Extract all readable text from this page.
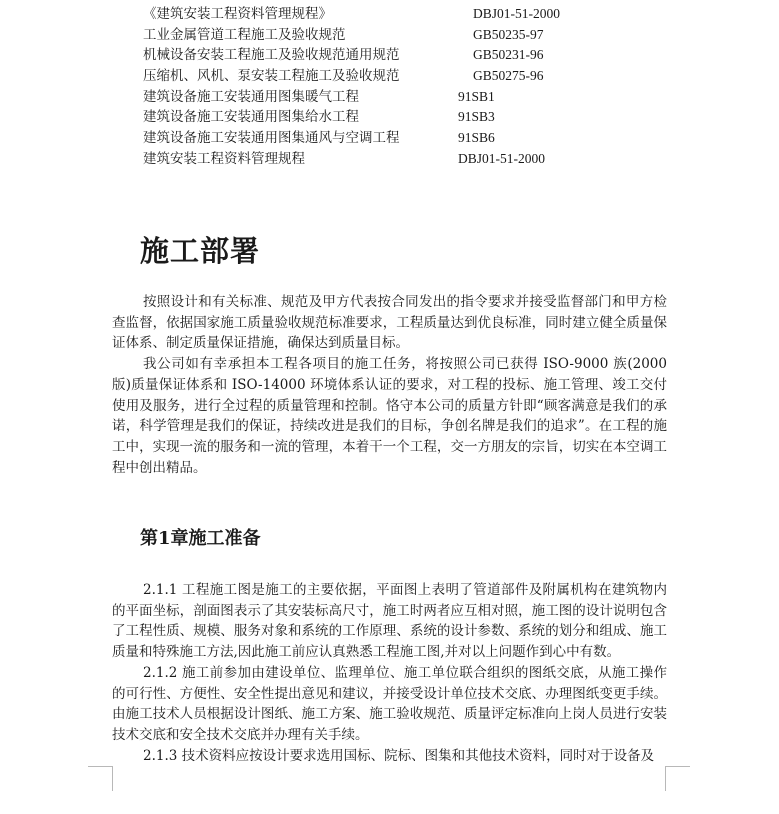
《建筑安装工程资料管理规程》	DBJ01-51-2000
工业金属管道工程施工及验收规范	GB50235-97
机械设备安装工程施工及验收规范通用规范	GB50231-96
压缩机、风机、泵安装工程施工及验收规范	GB50275-96
建筑设备施工安装通用图集暖气工程	91SB1
建筑设备施工安装通用图集给水工程	91SB3
建筑设备施工安装通用图集通风与空调工程	91SB6
建筑安装工程资料管理规程	DBJ01-51-2000
施工部署

按照设计和有关标准、规范及甲方代表按合同发出的指令要求并接受监督部门和甲方检查监督，依据国家施工质量验收规范标准要求，工程质量达到优良标准，同时建立健全质量保证体系、制定质量保证措施，确保达到质量目标。

我公司如有幸承担本工程各项目的施工任务，将按照公司已获得 ISO-9000 族(2000 版)质量保证体系和 ISO-14000 环境体系认证的要求，对工程的投标、施工管理、竣工交付使用及服务，进行全过程的质量管理和控制。恪守本公司的质量方针即“顾客满意是我们的承诺，科学管理是我们的保证，持续改进是我们的目标，争创名牌是我们的追求”。在工程的施工中，实现一流的服务和一流的管理，本着干一个工程，交一方朋友的宗旨，切实在本空调工程中创出精品。

第1章施工准备

2.1.1 工程施工图是施工的主要依据，平面图上表明了管道部件及附属机构在建筑物内的平面坐标，剖面图表示了其安装标高尺寸，施工时两者应互相对照，施工图的设计说明包含了工程性质、规模、服务对象和系统的工作原理、系统的设计参数、系统的划分和组成、施工质量和特殊施工方法,因此施工前应认真熟悉工程施工图,并对以上问题作到心中有数。

2.1.2 施工前参加由建设单位、监理单位、施工单位联合组织的图纸交底，从施工操作的可行性、方便性、安全性提出意见和建议，并接受设计单位技术交底、办理图纸变更手续。由施工技术人员根据设计图纸、施工方案、施工验收规范、质量评定标准向上岗人员进行安装技术交底和安全技术交底并办理有关手续。

2.1.3 技术资料应按设计要求选用国标、院标、图集和其他技术资料，同时对于设备及
